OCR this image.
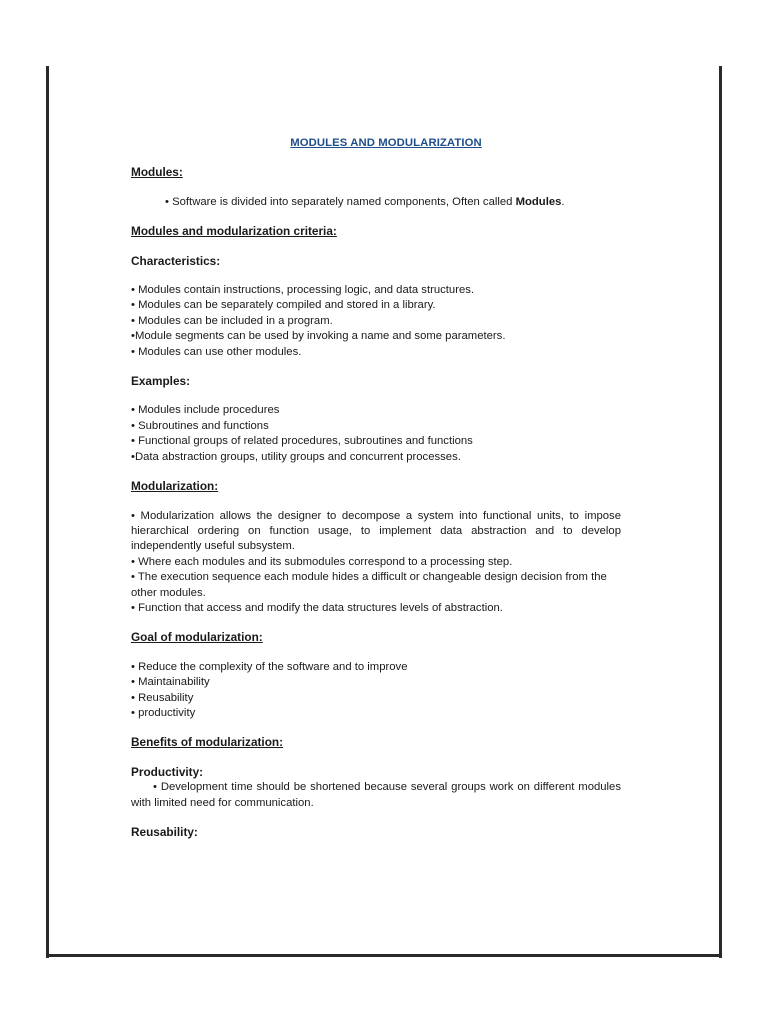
MODULES AND MODULARIZATION

Modules:

• Software is divided into separately named components, Often called Modules.

Modules and modularization criteria:

Characteristics:

• Modules contain instructions, processing logic, and data structures.

• Modules can be separately compiled and stored in a library.

• Modules can be included in a program.

•Module segments can be used by invoking a name and some parameters.

• Modules can use other modules.

Examples:

• Modules include procedures

• Subroutines and functions

• Functional groups of related procedures, subroutines and functions

•Data abstraction groups, utility groups and concurrent processes.

Modularization:

• Modularization allows the designer to decompose a system into functional units, to impose hierarchical ordering on function usage, to implement data abstraction and to develop independently useful subsystem.

• Where each modules and its submodules correspond to a processing step.

• The execution sequence each module hides a difficult or changeable design decision from the other modules.

• Function that access and modify the data structures levels of abstraction.

Goal of modularization:

• Reduce the complexity of the software and to improve

• Maintainability

• Reusability

• productivity

Benefits of modularization:

Productivity:

• Development time should be shortened because several groups work on different modules with limited need for communication.

Reusability:
